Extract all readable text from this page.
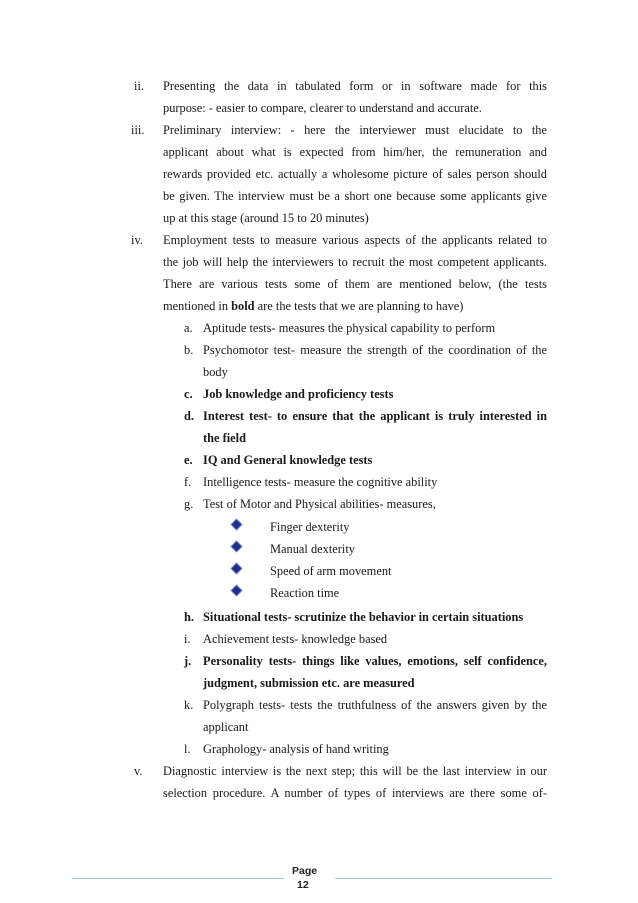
ii. Presenting the data in tabulated form or in software made for this
purpose: - easier to compare, clearer to understand and accurate.
iii. Preliminary interview: - here the interviewer must elucidate to the
applicant about what is expected from him/her, the remuneration and
rewards provided etc. actually a wholesome picture of sales person should
be given. The interview must be a short one because some applicants give
up at this stage (around 15 to 20 minutes)
iv. Employment tests to measure various aspects of the applicants related to
the job will help the interviewers to recruit the most competent applicants.
There are various tests some of them are mentioned below, (the tests
mentioned in bold are the tests that we are planning to have)
a. Aptitude tests- measures the physical capability to perform
b. Psychomotor test- measure the strength of the coordination of the
body
c. Job knowledge and proficiency tests
d. Interest test- to ensure that the applicant is truly interested in
the field
e. IQ and General knowledge tests
f. Intelligence tests- measure the cognitive ability
g. Test of Motor and Physical abilities- measures,
Finger dexterity
Manual dexterity
Speed of arm movement
Reaction time
h. Situational tests- scrutinize the behavior in certain situations
i. Achievement tests- knowledge based
j. Personality tests- things like values, emotions, self confidence,
judgment, submission etc. are measured
k. Polygraph tests- tests the truthfulness of the answers given by the
applicant
l. Graphology- analysis of hand writing
v. Diagnostic interview is the next step; this will be the last interview in our
selection procedure. A number of types of interviews are there some of-
Page
12
